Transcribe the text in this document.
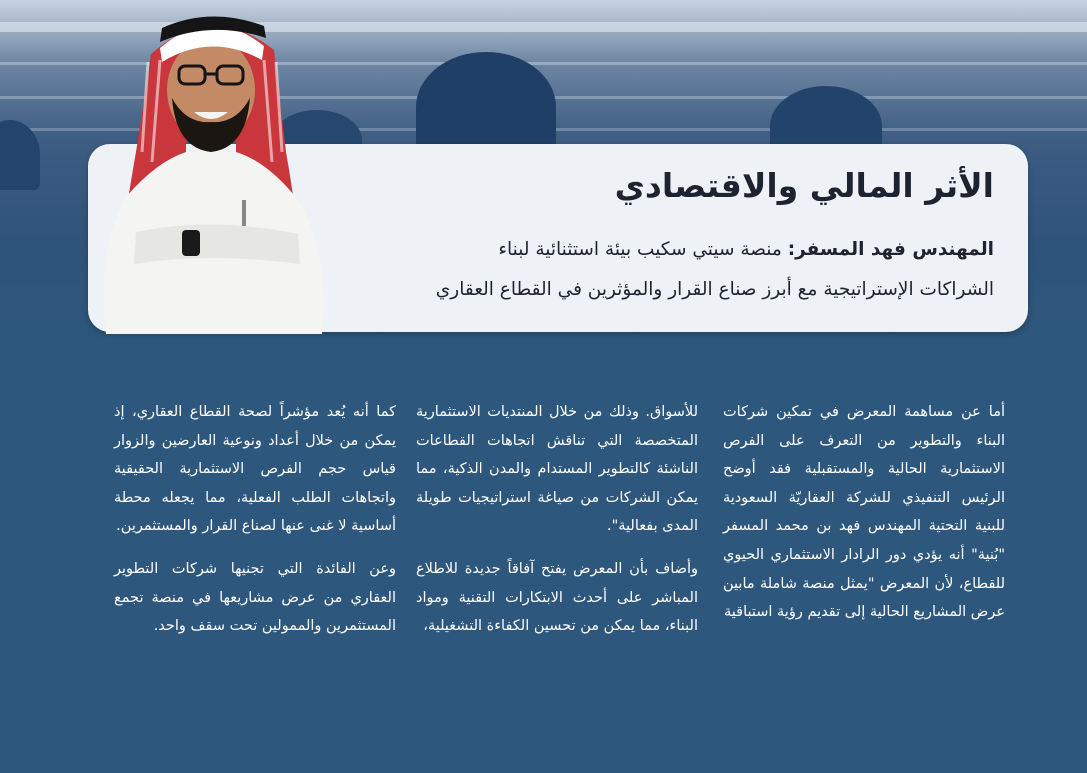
الأثر المالي والاقتصادي

المهندس فهد المسفر: منصة سيتي سكيب بيئة استثنائية لبناء
الشراكات الإستراتيجية مع أبرز صناع القرار والمؤثرين في القطاع العقاري

أما عن مساهمة المعرض في تمكين شركات البناء والتطوير من التعرف على الفرص الاستثمارية الحالية والمستقبلية فقد أوضح الرئيس التنفيذي للشركة العقاريّة السعودية للبنية التحتية المهندس فهد بن محمد المسفر "بُنية" أنه يؤدي دور الرادار الاستثماري الحيوي للقطاع، لأن المعرض "يمثل منصة شاملة مابين عرض المشاريع الحالية إلى تقديم رؤية استباقية

للأسواق. وذلك من خلال المنتديات الاستثمارية المتخصصة التي تناقش اتجاهات القطاعات الناشئة كالتطوير المستدام والمدن الذكية، مما يمكن الشركات من صياغة استراتيجيات طويلة المدى بفعالية".

وأضاف بأن المعرض يفتح آفاقاً جديدة للاطلاع المباشر على أحدث الابتكارات التقنية ومواد البناء، مما يمكن من تحسين الكفاءة التشغيلية،

كما أنه يُعد مؤشراً لصحة القطاع العقاري، إذ يمكن من خلال أعداد ونوعية العارضين والزوار قياس حجم الفرص الاستثمارية الحقيقية واتجاهات الطلب الفعلية، مما يجعله محطة أساسية لا غنى عنها لصناع القرار والمستثمرين.

وعن الفائدة التي تجنيها شركات التطوير العقاري من عرض مشاريعها في منصة تجمع المستثمرين والممولين تحت سقف واحد.
